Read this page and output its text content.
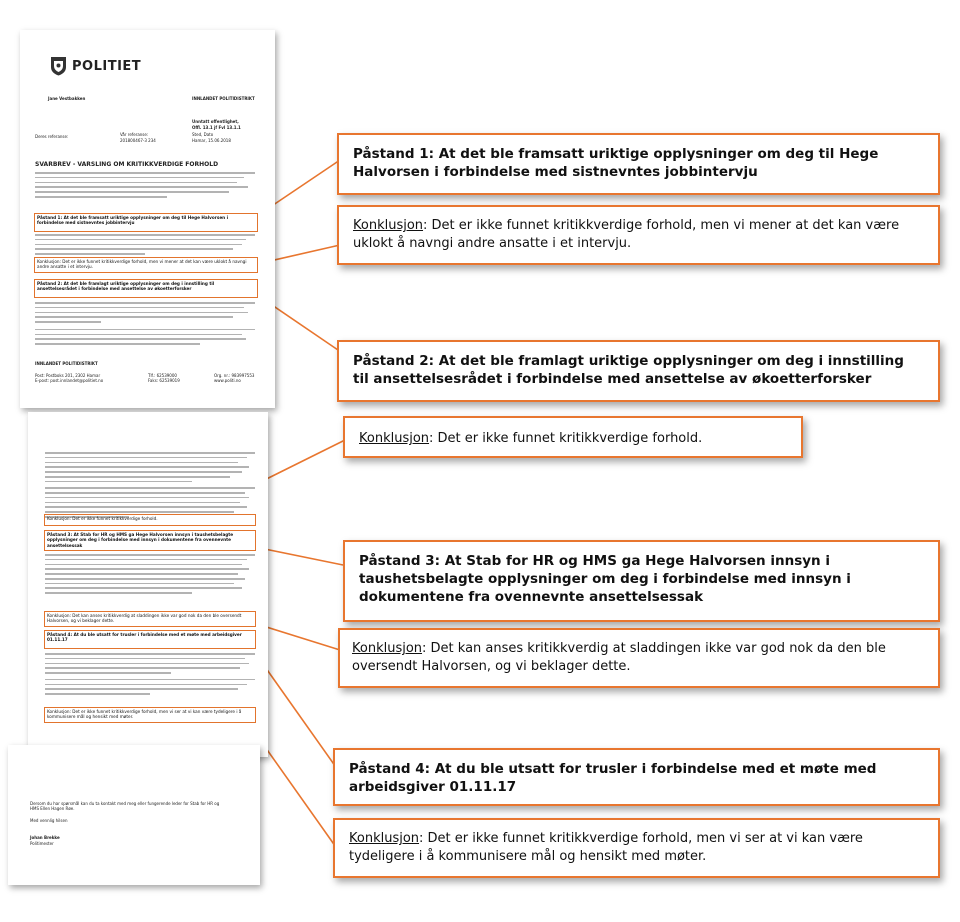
POLITIET
Jane Vestbakken	INNLANDET POLITIDISTRIKT
Unntatt offentlighet,
Offl. 13.1 jf Fvl 13.1.1
Deres referanse:	Vår referanse:
201800467-3 234
Sted, Dato
Hamar, 15.06.2018
SVARBREV - VARSLING OM KRITIKKVERDIGE FORHOLD
Påstand 1: At det ble framsatt uriktige opplysninger om deg til Hege Halvorsen i forbindelse med sistnevntes jobbintervju
Konklusjon: Det er ikke funnet kritikkverdige forhold, men vi mener at det kan være uklokt å navngi andre ansatte i et intervju.
Påstand 2: At det ble framlagt uriktige opplysninger om deg i innstilling til ansettelsesrådet i forbindelse med ansettelse av økoetterforsker
INNLANDET POLITIDISTRIKT
Post: Postboks 201, 2302 Hamar
E-post: post.innlandet@politiet.no
Tlf.: 62539000
Faks: 62539019
Org. nr.: 983997553
www.politi.no
Konklusjon: Det er ikke funnet kritikkverdige forhold.
Påstand 3: At Stab for HR og HMS ga Hege Halvorsen innsyn i taushetsbelagte opplysninger om deg i forbindelse med innsyn i dokumentene fra ovennevnte ansettelsessak
Konklusjon: Det kan anses kritikkverdig at sladdingen ikke var god nok da den ble oversendt Halvorsen, og vi beklager dette.
Påstand 4: At du ble utsatt for trusler i forbindelse med et møte med arbeidsgiver 01.11.17
Konklusjon: Det er ikke funnet kritikkverdige forhold, men vi ser at vi kan være tydeligere i å kommunisere mål og hensikt med møter.
Dersom du har spørsmål kan du ta kontakt med meg eller fungerende leder for Stab for HR og
HMS Ellen Hagen Røe.
Med vennlig hilsen
Johan Brekke
Politimester
Påstand 1: At det ble framsatt uriktige opplysninger om deg til Hege Halvorsen i forbindelse med sistnevntes jobbintervju
Konklusjon: Det er ikke funnet kritikkverdige forhold, men vi mener at det kan være uklokt å navngi andre ansatte i et intervju.
Påstand 2: At det ble framlagt uriktige opplysninger om deg i innstilling til ansettelsesrådet i forbindelse med ansettelse av økoetterforsker
Konklusjon: Det er ikke funnet kritikkverdige forhold.
Påstand 3: At Stab for HR og HMS ga Hege Halvorsen innsyn i taushetsbelagte opplysninger om deg i forbindelse med innsyn i dokumentene fra ovennevnte ansettelsessak
Konklusjon: Det kan anses kritikkverdig at sladdingen ikke var god nok da den ble oversendt Halvorsen, og vi beklager dette.
Påstand 4: At du ble utsatt for trusler i forbindelse med et møte med arbeidsgiver 01.11.17
Konklusjon: Det er ikke funnet kritikkverdige forhold, men vi ser at vi kan være tydeligere i å kommunisere mål og hensikt med møter.
